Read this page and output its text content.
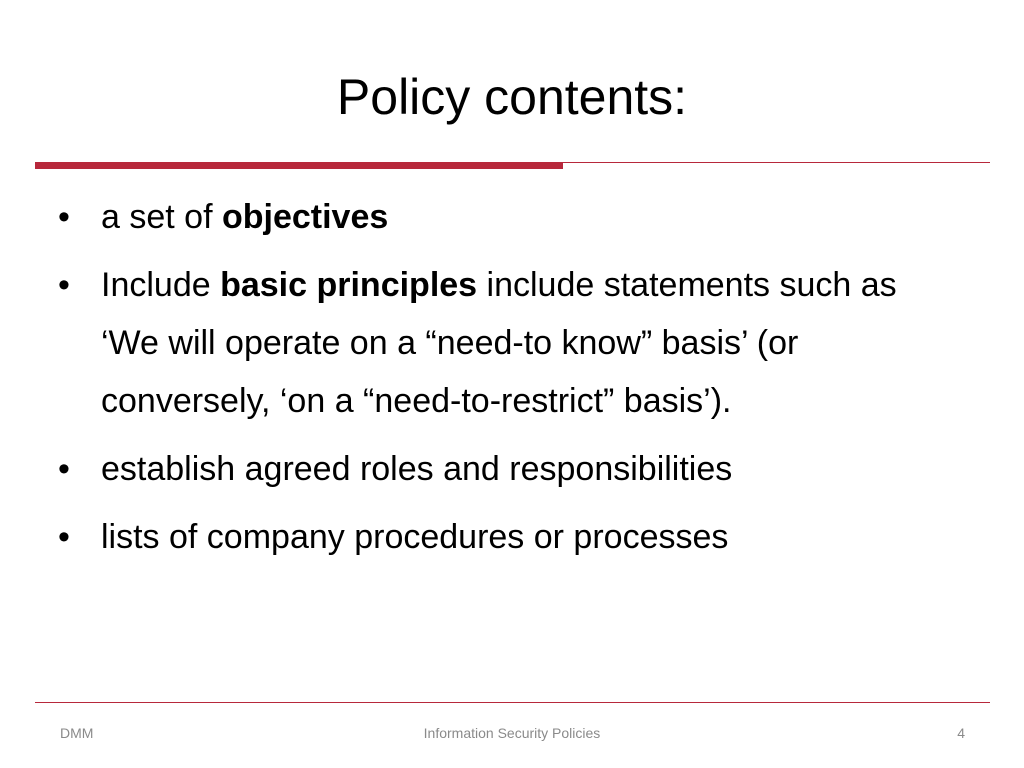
Policy contents:
• a set of objectives
• Include basic principles include statements such as ‘We will operate on a “need-to know” basis’ (or conversely, ‘on a “need-to-restrict” basis’).
• establish agreed roles and responsibilities
• lists of company procedures or processes
DMM	Information Security Policies	4
